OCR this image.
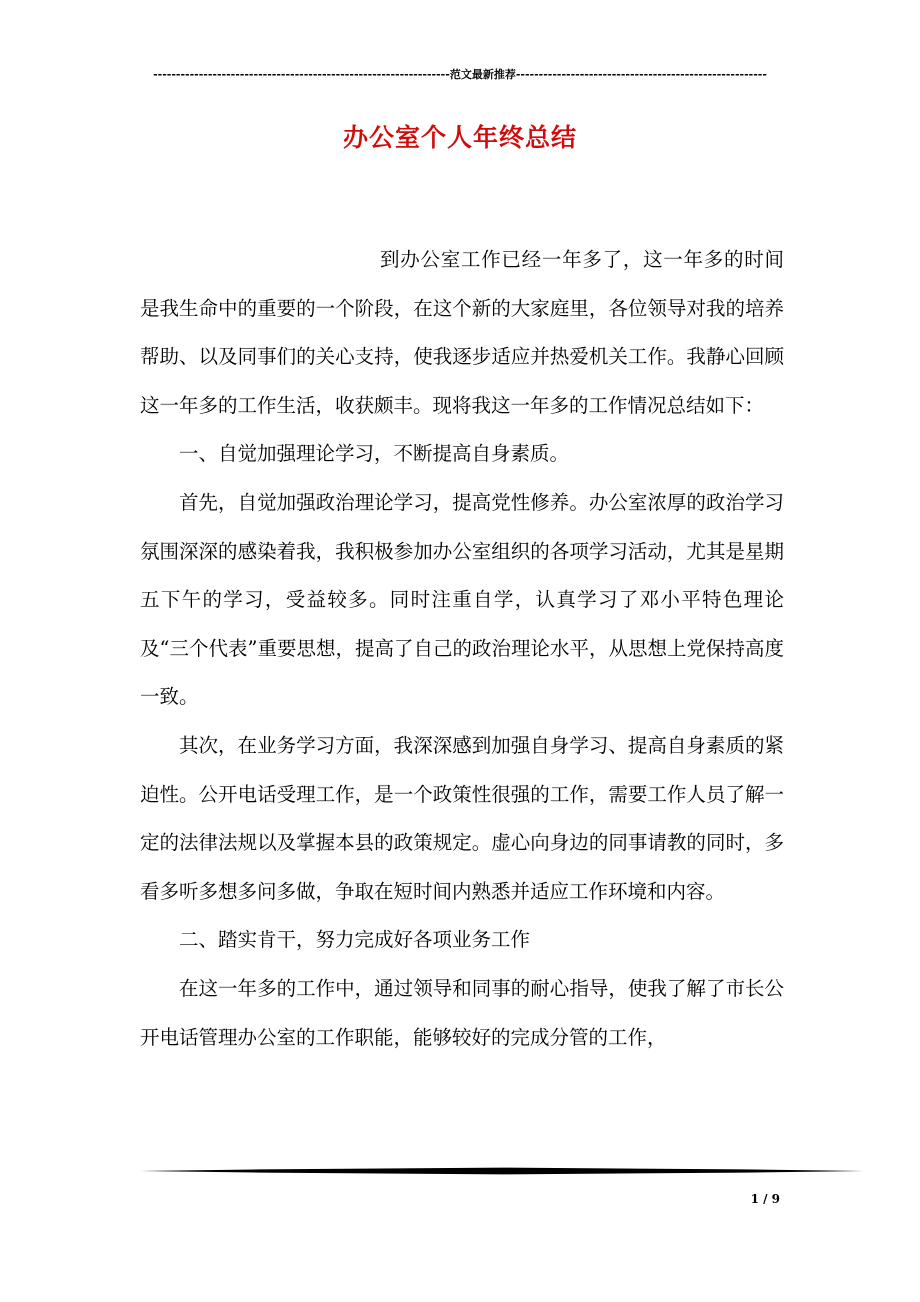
-----------------------------------------------------------------范文最新推荐-------------------------------------------------------
办公室个人年终总结

到办公室工作已经一年多了，这一年多的时间是我生命中的重要的一个阶段，在这个新的大家庭里，各位领导对我的培养帮助、以及同事们的关心支持，使我逐步适应并热爱机关工作。我静心回顾这一年多的工作生活，收获颇丰。现将我这一年多的工作情况总结如下：

一、自觉加强理论学习，不断提高自身素质。

首先，自觉加强政治理论学习，提高党性修养。办公室浓厚的政治学习氛围深深的感染着我，我积极参加办公室组织的各项学习活动，尤其是星期五下午的学习，受益较多。同时注重自学，认真学习了邓小平特色理论及“三个代表”重要思想，提高了自己的政治理论水平，从思想上党保持高度一致。

其次，在业务学习方面，我深深感到加强自身学习、提高自身素质的紧迫性。公开电话受理工作，是一个政策性很强的工作，需要工作人员了解一定的法律法规以及掌握本县的政策规定。虚心向身边的同事请教的同时，多看多听多想多问多做，争取在短时间内熟悉并适应工作环境和内容。

二、踏实肯干，努力完成好各项业务工作

在这一年多的工作中，通过领导和同事的耐心指导，使我了解了市长公开电话管理办公室的工作职能，能够较好的完成分管的工作，

1 / 9
